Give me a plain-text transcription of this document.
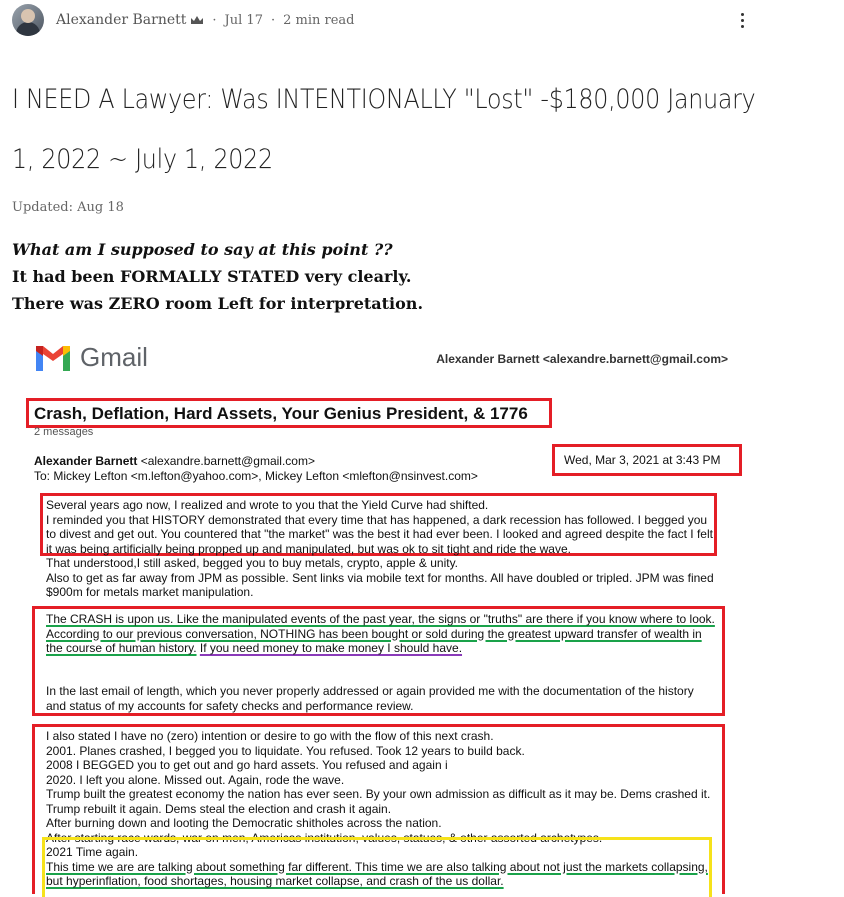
Alexander Barnett · Jul 17 · 2 min read
I NEED A Lawyer: Was INTENTIONALLY "Lost" -$180,000 January 1, 2022 ~ July 1, 2022
Updated: Aug 18
What am I supposed to say at this point ??
It had been FORMALLY STATED very clearly.
There was ZERO room Left for interpretation.
Gmail	Alexander Barnett <alexandre.barnett@gmail.com>
Crash, Deflation, Hard Assets, Your Genius President, & 1776
2 messages
Alexander Barnett <alexandre.barnett@gmail.com>
To: Mickey Lefton <m.lefton@yahoo.com>, Mickey Lefton <mlefton@nsinvest.com>
Wed, Mar 3, 2021 at 3:43 PM
Several years ago now, I realized and wrote to you that the Yield Curve had shifted.
I reminded you that HISTORY demonstrated that every time that has happened, a dark recession has followed. I begged you to divest and get out. You countered that "the market" was the best it had ever been. I looked and agreed despite the fact I felt it was being artificially being propped up and manipulated, but was ok to sit tight and ride the wave.
That understood,I still asked, begged you to buy metals, crypto, apple & unity.
Also to get as far away from JPM as possible. Sent links via mobile text for months. All have doubled or tripled. JPM was fined $900m for metals market manipulation.
The CRASH is upon us. Like the manipulated events of the past year, the signs or "truths" are there if you know where to look.
According to our previous conversation, NOTHING has been bought or sold during the greatest upward transfer of wealth in the course of human history. If you need money to make money I should have.
In the last email of length, which you never properly addressed or again provided me with the documentation of the history and status of my accounts for safety checks and performance review.
I also stated I have no (zero) intention or desire to go with the flow of this next crash.
2001. Planes crashed, I begged you to liquidate. You refused. Took 12 years to build back.
2008 I BEGGED you to get out and go hard assets. You refused and again i
2020. I left you alone. Missed out. Again, rode the wave.
Trump built the greatest economy the nation has ever seen. By your own admission as difficult as it may be. Dems crashed it. Trump rebuilt it again. Dems steal the election and crash it again.
After burning down and looting the Democratic shitholes across the nation.
After starting race wards, war on men, Americas institution, values, statues, & other assorted archetypes.
2021 Time again.
This time we are are talking about something far different. This time we are also talking about not just the markets collapsing, but hyperinflation, food shortages, housing market collapse, and crash of the us dollar.
